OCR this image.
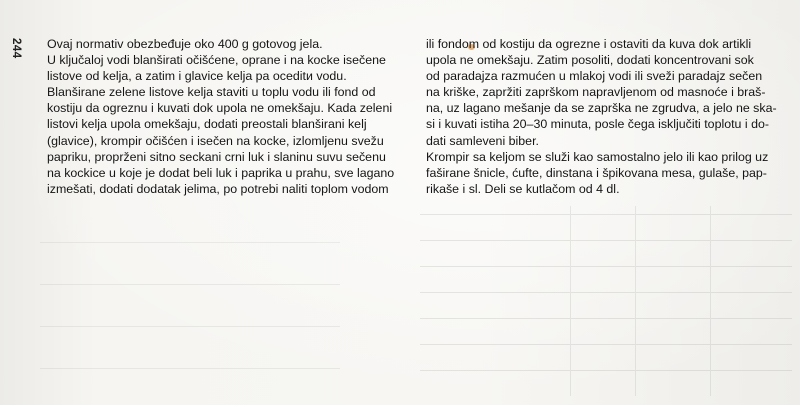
244 Ovaj normativ obezbeđuje oko 400 g gotovog jela.
U ključaloj vodi blanširati očišćene, oprane i na kocke isečene
listove od kelja, a zatim i glavice kelja pa oceditи vodu.
Blanširane zelene listove kelja staviti u toplu vodu ili fond od
kostiju da ogreznu i kuvati dok upola ne omekšaju. Kada zeleni
listovi kelja upola omekšaju, dodati preostali blanširani kelj
(glavice), krompir očišćen i isečen na kocke, izlomljenu svežu
papriku, proprženi sitno seckani crni luk i slaninu suvu sečenu
na kockice u koje je dodat beli luk i paprika u prahu, sve lagano
izmešati, dodati dodatak jelima, po potrebi naliti toplom vodom
ili fondom od kostiju da ogrezne i ostaviti da kuva dok artikli
upola ne omekšaju. Zatim posoliti, dodati koncentrovani sok
od paradajza razmućen u mlakoj vodi ili sveži paradajz sečen
na kriške, zapržiti zaprškom napravljenom od masnoće i braš-
na, uz lagano mešanje da se zaprška ne zgrudva, a jelo ne ska-
si i kuvati istiha 20–30 minuta, posle čega isključiti toplotu i do-
dati samleveni biber.
Krompir sa keljom se služi kao samostalno jelo ili kao prilog uz
faširane šnicle, ćufte, dinstana i špikovana mesa, gulaše, pap-
rikaše i sl. Deli se kutlačom od 4 dl.
